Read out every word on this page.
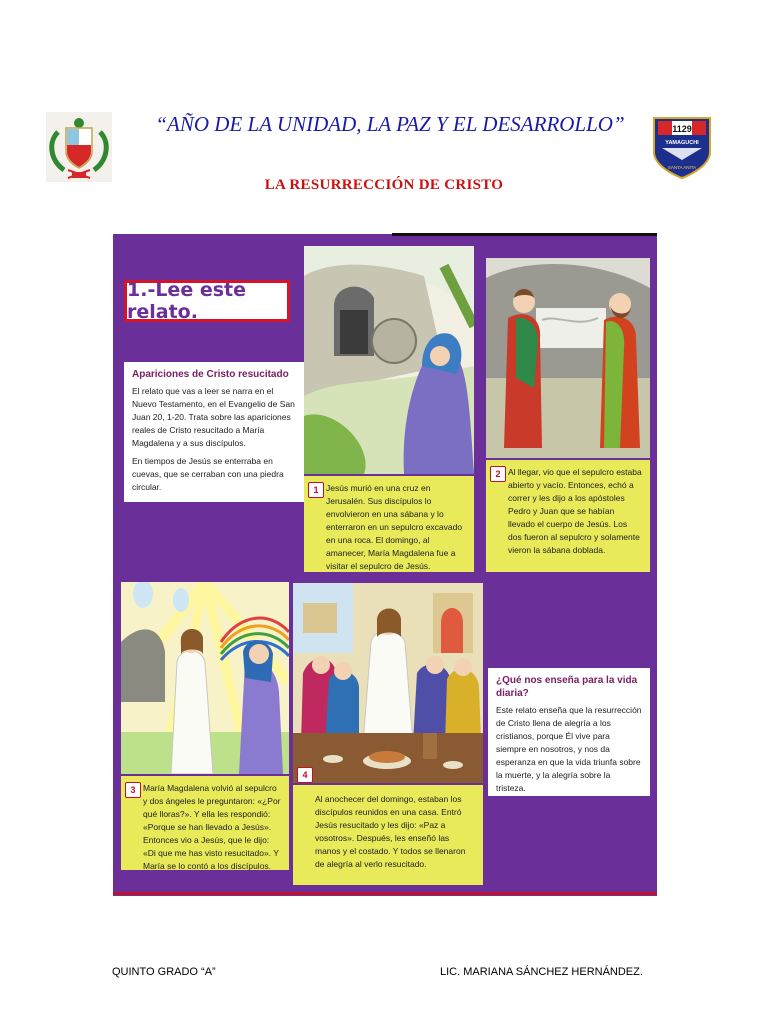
“AÑO DE LA UNIDAD, LA PAZ Y EL DESARROLLO”	1129
YAMAGUCHI
SANTA ANITA
LA RESURRECCIÓN DE CRISTO
1.-Lee este relato.
Apariciones de Cristo resucitado

El relato que vas a leer se narra en el Nuevo Testamento, en el Evangelio de San Juan 20, 1-20. Trata sobre las apariciones reales de Cristo resucitado a María Magdalena y a sus discípulos.

En tiempos de Jesús se enterraba en cuevas, que se cerraban con una piedra circular.	1 Jesús murió en una cruz en Jerusalén. Sus discípulos lo envolvieron en una sábana y lo enterraron en un sepulcro excavado en una roca. El domingo, al amanecer, María Magdalena fue a visitar el sepulcro de Jesús.
2 Al llegar, vio que el sepulcro estaba abierto y vacío. Entonces, echó a correr y les dijo a los apóstoles Pedro y Juan que se habían llevado el cuerpo de Jesús. Los dos fueron al sepulcro y solamente vieron la sábana doblada.
3 María Magdalena volvió al sepulcro y dos ángeles le preguntaron: «¿Por qué lloras?». Y ella les respondió: «Porque se han llevado a Jesús». Entonces vio a Jesús, que le dijo: «Di que me has visto resucitado». Y María se lo contó a los discípulos.
4
Al anochecer del domingo, estaban los discípulos reunidos en una casa. Entró Jesús resucitado y les dijo: «Paz a vosotros». Después, les enseñó las manos y el costado. Y todos se llenaron de alegría al verlo resucitado.
¿Qué nos enseña para la vida diaria?

Este relato enseña que la resurrección de Cristo llena de alegría a los cristianos, porque Él vive para siempre en nosotros, y nos da esperanza en que la vida triunfa sobre la muerte, y la alegría sobre la tristeza.

QUINTO GRADO “A”	LIC. MARIANA SÁNCHEZ HERNÁNDEZ.
